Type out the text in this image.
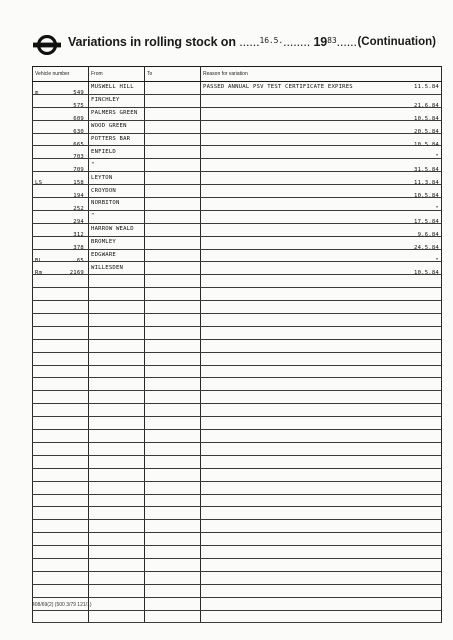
Variations in rolling stock on ......$^{16.5.}$........ $19^{83}$...... (Continuation)
Vehicle number	From	To	Reason for variation

m 549	MUSWELL HILL		PASSED ANNUAL PSV TEST CERTIFICATE EXPIRES 11.5.84

575	FINCHLEY		21.6.84

609	PALMERS GREEN		10.5.84

630	WOOD GREEN		20.5.84

665	POTTERS BAR		10.5.84

703	ENFIELD		"

709	"		31.5.84

LS 158	LEYTON		11.3.84

194	CROYDON		10.5.84

252	NORBITON		"

294	"		17.5.84

312	HARROW WEALD		9.6.84

378	BROMLEY		24.5.84

BL 65	EDGWARE		"

Rm 2169	WILLESDEN		10.5.84

408/69(2) (500 3/79 121/1)
